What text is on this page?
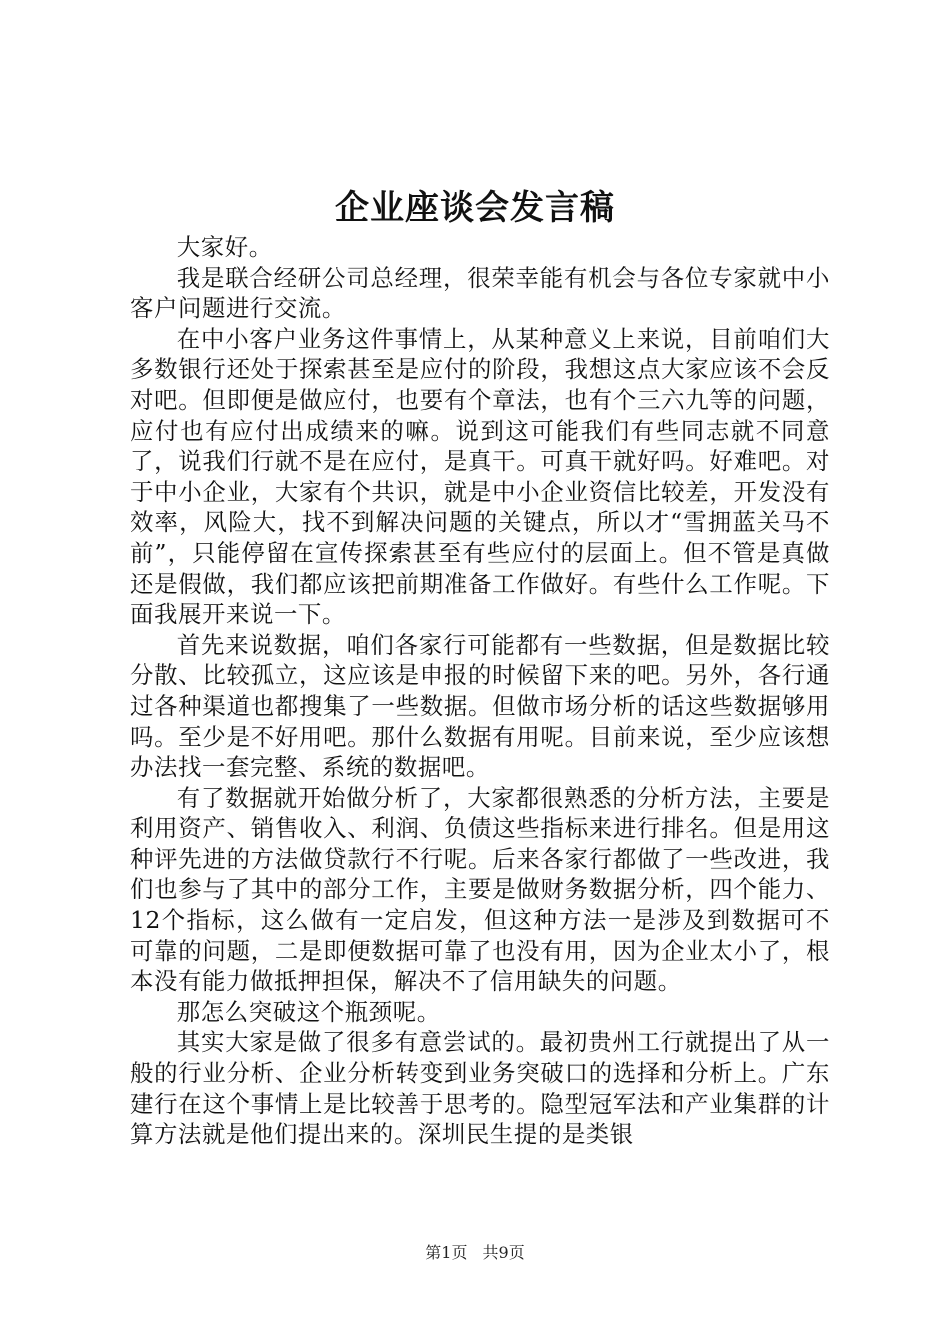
企业座谈会发言稿

大家好。

我是联合经研公司总经理，很荣幸能有机会与各位专家就中小客户问题进行交流。

在中小客户业务这件事情上，从某种意义上来说，目前咱们大多数银行还处于探索甚至是应付的阶段，我想这点大家应该不会反对吧。但即便是做应付，也要有个章法，也有个三六九等的问题，应付也有应付出成绩来的嘛。说到这可能我们有些同志就不同意了，说我们行就不是在应付，是真干。可真干就好吗。好难吧。对于中小企业，大家有个共识，就是中小企业资信比较差，开发没有效率，风险大，找不到解决问题的关键点，所以才“雪拥蓝关马不前”，只能停留在宣传探索甚至有些应付的层面上。但不管是真做还是假做，我们都应该把前期准备工作做好。有些什么工作呢。下面我展开来说一下。

首先来说数据，咱们各家行可能都有一些数据，但是数据比较分散、比较孤立，这应该是申报的时候留下来的吧。另外，各行通过各种渠道也都搜集了一些数据。但做市场分析的话这些数据够用吗。至少是不好用吧。那什么数据有用呢。目前来说，至少应该想办法找一套完整、系统的数据吧。

有了数据就开始做分析了，大家都很熟悉的分析方法，主要是利用资产、销售收入、利润、负债这些指标来进行排名。但是用这种评先进的方法做贷款行不行呢。后来各家行都做了一些改进，我们也参与了其中的部分工作，主要是做财务数据分析，四个能力、12个指标，这么做有一定启发，但这种方法一是涉及到数据可不可靠的问题，二是即便数据可靠了也没有用，因为企业太小了，根本没有能力做抵押担保，解决不了信用缺失的问题。

那怎么突破这个瓶颈呢。

其实大家是做了很多有意尝试的。最初贵州工行就提出了从一般的行业分析、企业分析转变到业务突破口的选择和分析上。广东建行在这个事情上是比较善于思考的。隐型冠军法和产业集群的计算方法就是他们提出来的。深圳民生提的是类银

第1页 共9页
